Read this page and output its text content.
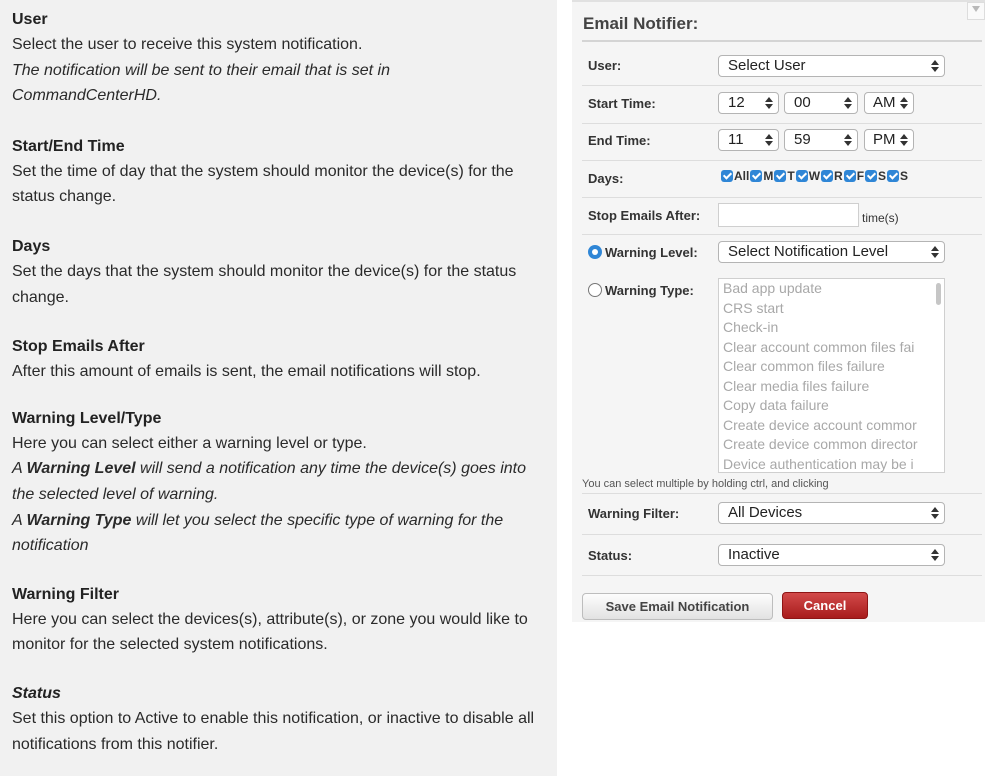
User

Select the user to receive this system notification.

The notification will be sent to their email that is set in CommandCenterHD.

Start/End Time

Set the time of day that the system should monitor the device(s) for the status change.

Days

Set the days that the system should monitor the device(s) for the status change.

Stop Emails After

After this amount of emails is sent, the email notifications will stop.

Warning Level/Type

Here you can select either a warning level or type.

A Warning Level will send a notification any time the device(s) goes into the selected level of warning.

A Warning Type will let you select the specific type of warning for the notification

Warning Filter

Here you can select the devices(s), attribute(s), or zone you would like to monitor for the selected system notifications.

Status

Set this option to Active to enable this notification, or inactive to disable all notifications from this notifier.

Email Notifier:
User:	Select User
Start Time:	12	00	AM
End Time:	11	59	PM
Days:	All M T W R F S S
Stop Emails After:	time(s)
Warning Level:	Select Notification Level
Warning Type: Bad app update
CRS start
Check-in
Clear account common files fai
Clear common files failure
Clear media files failure
Copy data failure
Create device account commor
Create device common director
Device authentication may be i
You can select multiple by holding ctrl, and clicking
Warning Filter:	All Devices
Status:	Inactive
Save Email Notification	Cancel
